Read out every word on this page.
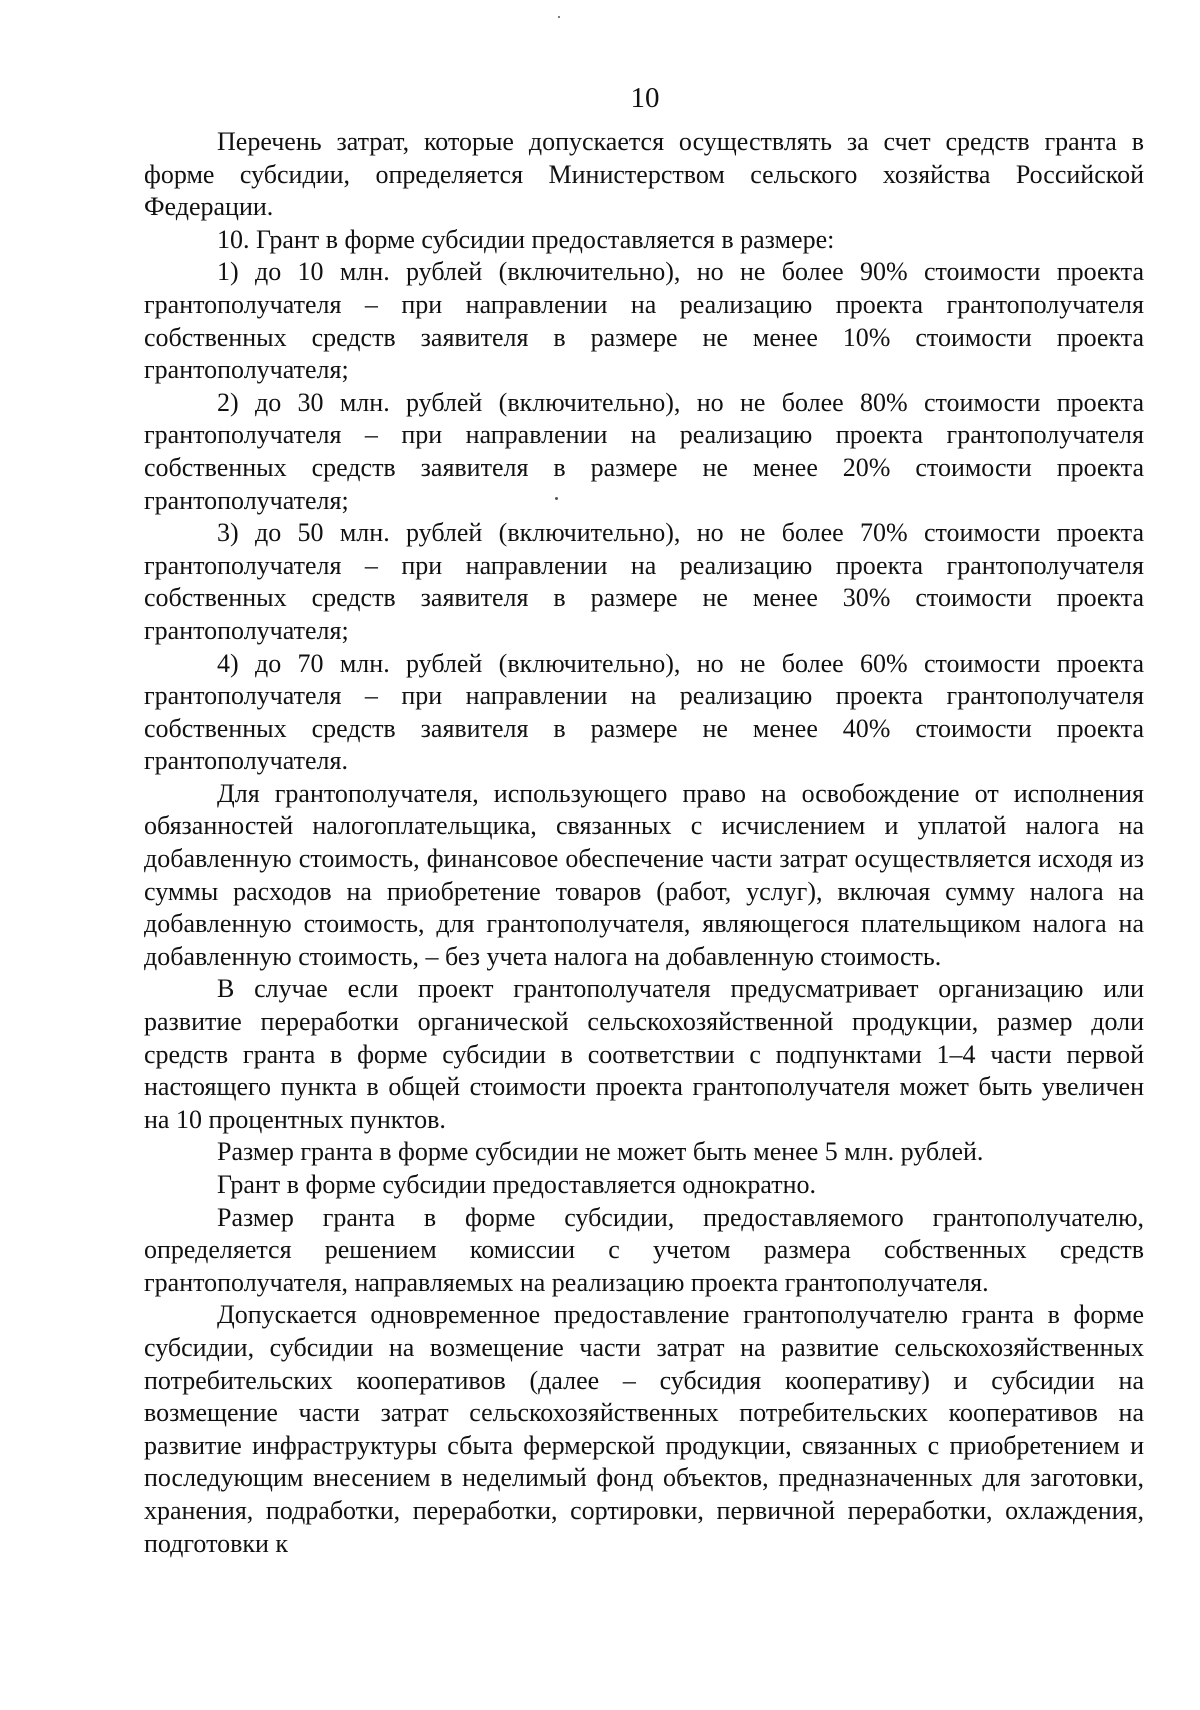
10

Перечень затрат, которые допускается осуществлять за счет средств гранта в форме субсидии, определяется Министерством сельского хозяйства Российской Федерации.

10. Грант в форме субсидии предоставляется в размере:

1) до 10 млн. рублей (включительно), но не более 90% стоимости проекта грантополучателя – при направлении на реализацию проекта грантополучателя собственных средств заявителя в размере не менее 10% стоимости проекта грантополучателя;

2) до 30 млн. рублей (включительно), но не более 80% стоимости проекта грантополучателя – при направлении на реализацию проекта грантополучателя собственных средств заявителя в размере не менее 20% стоимости проекта грантополучателя;

3) до 50 млн. рублей (включительно), но не более 70% стоимости проекта грантополучателя – при направлении на реализацию проекта грантополучателя собственных средств заявителя в размере не менее 30% стоимости проекта грантополучателя;

4) до 70 млн. рублей (включительно), но не более 60% стоимости проекта грантополучателя – при направлении на реализацию проекта грантополучателя собственных средств заявителя в размере не менее 40% стоимости проекта грантополучателя.

Для грантополучателя, использующего право на освобождение от исполнения обязанностей налогоплательщика, связанных с исчислением и уплатой налога на добавленную стоимость, финансовое обеспечение части затрат осуществляется исходя из суммы расходов на приобретение товаров (работ, услуг), включая сумму налога на добавленную стоимость, для грантополучателя, являющегося плательщиком налога на добавленную стоимость, – без учета налога на добавленную стоимость.

В случае если проект грантополучателя предусматривает организацию или развитие переработки органической сельскохозяйственной продукции, размер доли средств гранта в форме субсидии в соответствии с подпунктами 1–4 части первой настоящего пункта в общей стоимости проекта грантополучателя может быть увеличен на 10 процентных пунктов.

Размер гранта в форме субсидии не может быть менее 5 млн. рублей.

Грант в форме субсидии предоставляется однократно.

Размер гранта в форме субсидии, предоставляемого грантополучателю, определяется решением комиссии с учетом размера собственных средств грантополучателя, направляемых на реализацию проекта грантополучателя.

Допускается одновременное предоставление грантополучателю гранта в форме субсидии, субсидии на возмещение части затрат на развитие сельскохозяйственных потребительских кооперативов (далее – субсидия кооперативу) и субсидии на возмещение части затрат сельскохозяйственных потребительских кооперативов на развитие инфраструктуры сбыта фермерской продукции, связанных с приобретением и последующим внесением в неделимый фонд объектов, предназначенных для заготовки, хранения, подработки, переработки, сортировки, первичной переработки, охлаждения, подготовки к
